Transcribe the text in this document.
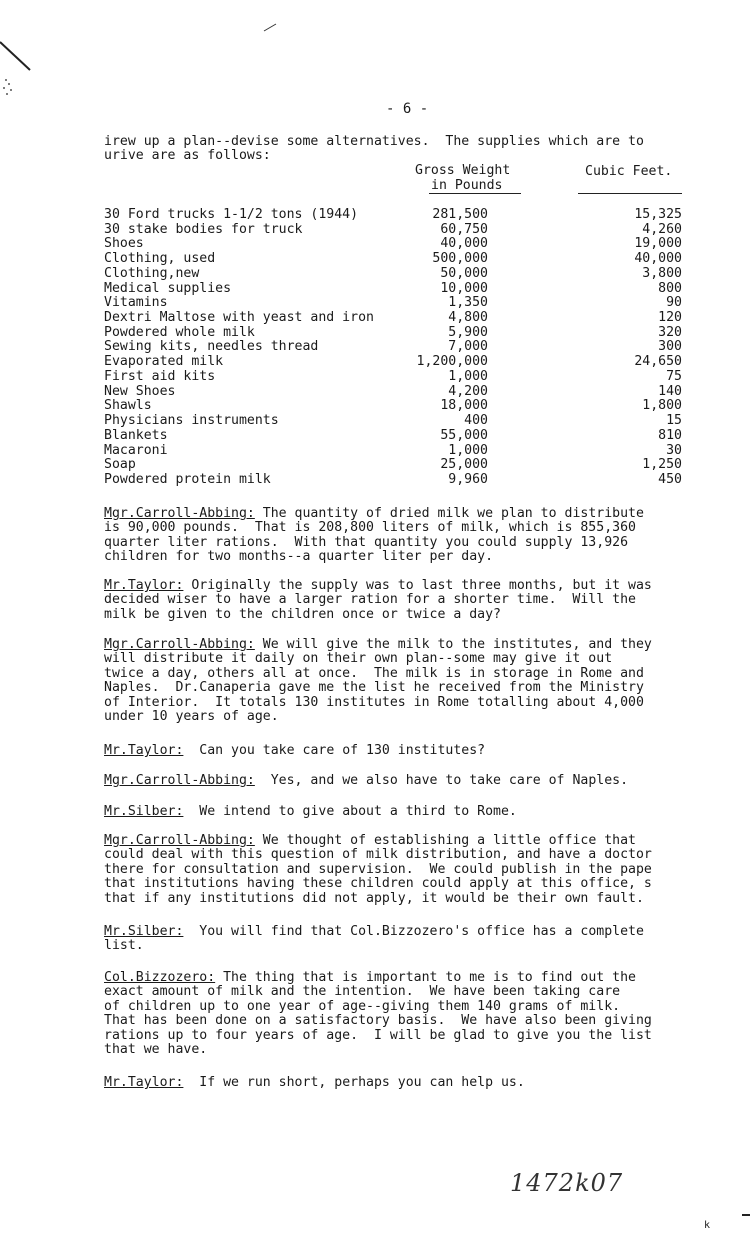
- 6 -
irew up a plan--devise some alternatives.  The supplies which are to
urive are as follows:
Gross Weight
in Pounds
Cubic Feet.
30 Ford trucks 1-1/2 tons (1944)	281,500	15,325
30 stake bodies for truck	60,750	4,260
Shoes	40,000	19,000
Clothing, used	500,000	40,000
Clothing,new	50,000	3,800
Medical supplies	10,000	800
Vitamins	1,350	90
Dextri Maltose with yeast and iron	4,800	120
Powdered whole milk	5,900	320
Sewing kits, needles thread	7,000	300
Evaporated milk	1,200,000	24,650
First aid kits	1,000	75
New Shoes	4,200	140
Shawls	18,000	1,800
Physicians instruments	400	15
Blankets	55,000	810
Macaroni	1,000	30
Soap	25,000	1,250
Powdered protein milk	9,960	450
Mgr.Carroll-Abbing: The quantity of dried milk we plan to distribute
is 90,000 pounds.  That is 208,800 liters of milk, which is 855,360
quarter liter rations.  With that quantity you could supply 13,926
children for two months--a quarter liter per day.
Mr.Taylor: Originally the supply was to last three months, but it was
decided wiser to have a larger ration for a shorter time.  Will the
milk be given to the children once or twice a day?
Mgr.Carroll-Abbing: We will give the milk to the institutes, and they
will distribute it daily on their own plan--some may give it out
twice a day, others all at once.  The milk is in storage in Rome and
Naples.  Dr.Canaperia gave me the list he received from the Ministry
of Interior.  It totals 130 institutes in Rome totalling about 4,000
under 10 years of age.
Mr.Taylor:  Can you take care of 130 institutes?
Mgr.Carroll-Abbing:  Yes, and we also have to take care of Naples.
Mr.Silber:  We intend to give about a third to Rome.
Mgr.Carroll-Abbing: We thought of establishing a little office that
could deal with this question of milk distribution, and have a doctor
there for consultation and supervision.  We could publish in the pape
that institutions having these children could apply at this office, s
that if any institutions did not apply, it would be their own fault.
Mr.Silber:  You will find that Col.Bizzozero's office has a complete
list.
Col.Bizzozero: The thing that is important to me is to find out the
exact amount of milk and the intention.  We have been taking care
of children up to one year of age--giving them 140 grams of milk.
That has been done on a satisfactory basis.  We have also been giving
rations up to four years of age.  I will be glad to give you the list
that we have.
Mr.Taylor:  If we run short, perhaps you can help us.
1472k07
k
